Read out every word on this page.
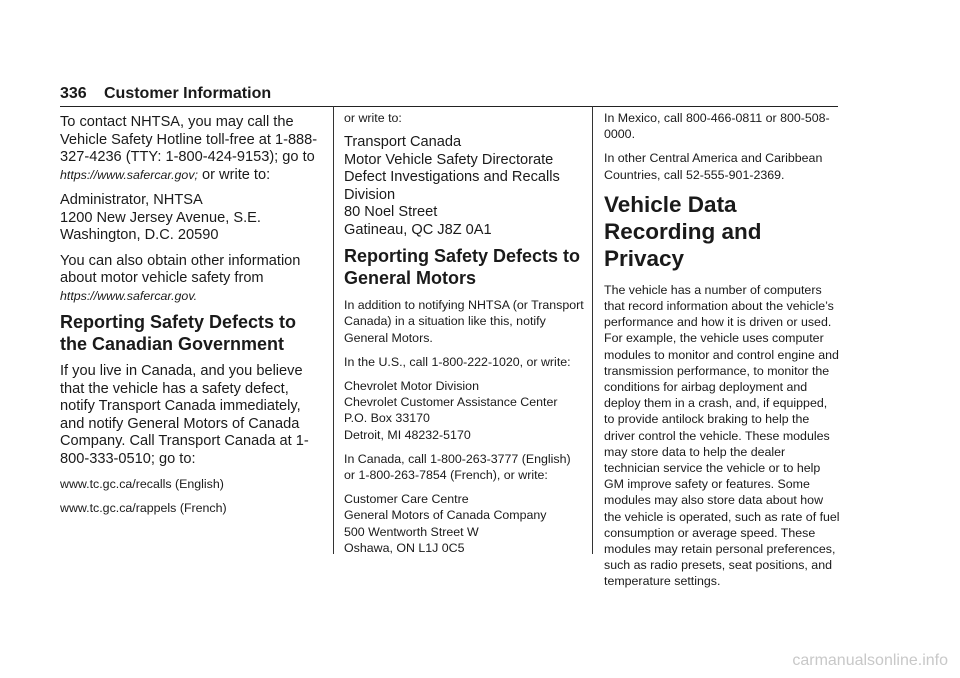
336 Customer Information

To contact NHTSA, you may call the Vehicle Safety Hotline toll-free at 1-888-327-4236 (TTY: 1-800-424-9153); go to https://www.safercar.gov; or write to:

Administrator, NHTSA
1200 New Jersey Avenue, S.E.
Washington, D.C. 20590

You can also obtain other information about motor vehicle safety from
https://www.safercar.gov.

Reporting Safety Defects to the Canadian Government

If you live in Canada, and you believe that the vehicle has a safety defect, notify Transport Canada immediately, and notify General Motors of Canada Company. Call Transport Canada at 1-800-333-0510; go to:

www.tc.gc.ca/recalls (English)

www.tc.gc.ca/rappels (French)

or write to:

Transport Canada
Motor Vehicle Safety Directorate
Defect Investigations and Recalls
Division
80 Noel Street
Gatineau, QC J8Z 0A1

Reporting Safety Defects to General Motors

In addition to notifying NHTSA (or Transport Canada) in a situation like this, notify General Motors.

In the U.S., call 1-800-222-1020, or write:

Chevrolet Motor Division
Chevrolet Customer Assistance Center
P.O. Box 33170
Detroit, MI 48232-5170

In Canada, call 1-800-263-3777 (English) or 1-800-263-7854 (French), or write:

Customer Care Centre
General Motors of Canada Company
500 Wentworth Street W
Oshawa, ON L1J 0C5

In Mexico, call 800-466-0811 or 800-508-0000.

In other Central America and Caribbean Countries, call 52-555-901-2369.

Vehicle Data Recording and Privacy

The vehicle has a number of computers that record information about the vehicle’s performance and how it is driven or used. For example, the vehicle uses computer modules to monitor and control engine and transmission performance, to monitor the conditions for airbag deployment and deploy them in a crash, and, if equipped, to provide antilock braking to help the driver control the vehicle. These modules may store data to help the dealer technician service the vehicle or to help GM improve safety or features. Some modules may also store data about how the vehicle is operated, such as rate of fuel consumption or average speed. These modules may retain personal preferences, such as radio presets, seat positions, and temperature settings.

carmanualsonline.info
